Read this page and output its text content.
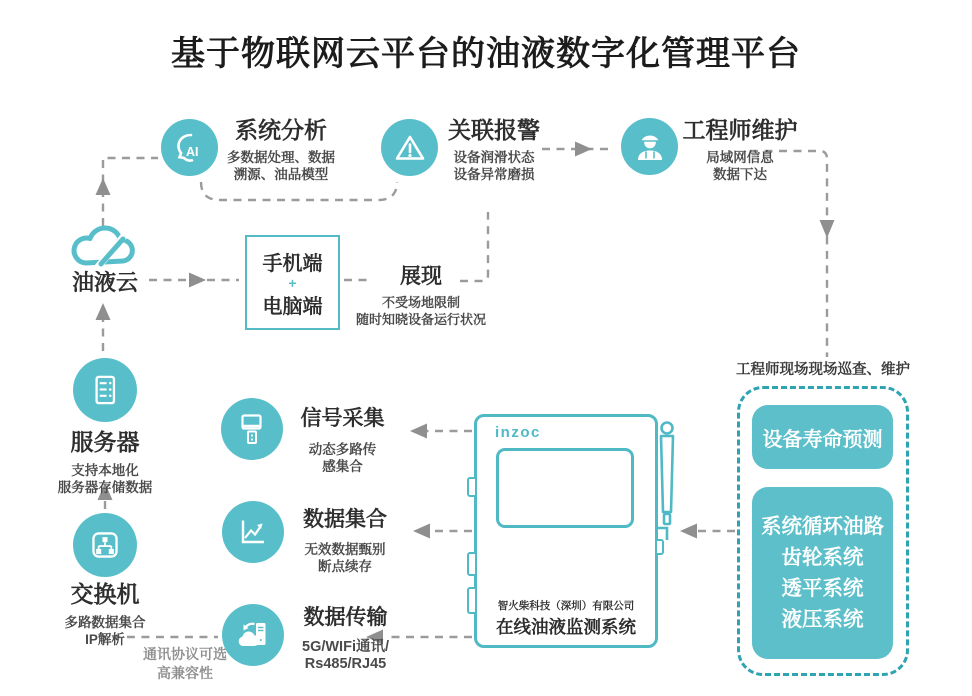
基于物联网云平台的油液数字化管理平台
AI
系统分析
多数据处理、数据
溯源、油品模型
关联报警
设备润滑状态
设备异常磨损
工程师维护
局域网信息
数据下达
油液云
服务器
支持本地化
服务器存储数据
交换机
多路数据集合
IP解析
通讯协议可选
高兼容性
手机端
+
电脑端
展现
不受场地限制
随时知晓设备运行状况
信号采集
动态多路传
感集合
数据集合
无效数据甄别
断点续存
数据传输
5G/WIFi通讯/
Rs485/RJ45
inzoc
智火柴科技（深圳）有限公司
在线油液监测系统
工程师现场现场巡查、维护
设备寿命预测
系统循环油路
齿轮系统
透平系统
液压系统
